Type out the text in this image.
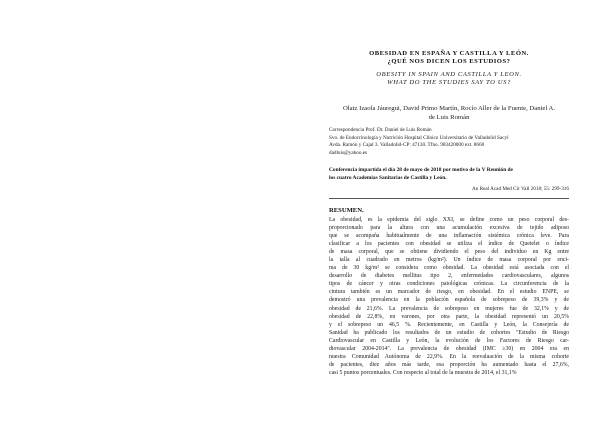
OBESIDAD EN ESPAÑA Y CASTILLA Y LEÓN.
¿QUÉ NOS DICEN LOS ESTUDIOS?
OBESITY IN SPAIN AND CASTILLA Y LEON.
WHAT DO THE STUDIES SAY TO US?
Olatz Izaola Jáuregui, David Primo Martín, Rocío Aller de la Fuente, Daniel A.
de Luis Román
Correspondencia Prof. Dr. Daniel de Luis Román
Svo. de Endocrinología y Nutrición Hospital Clínico Universitario de Valladolid Sacyl
Avda. Ramón y Cajal 3. Valladolid-CP: 47130. Tfno. 983420000 ext. 8660
dadluis@yahoo.es
Conferencia impartida el día 28 de mayo de 2018 por motivo de la V Reunión de
los cuatro Academias Sanitarias de Castilla y León.
An Real Acad Med Cir Vall 2018; 55: 299-316
RESUMEN.
La obesidad, es la epidemia del siglo XXI, se define como un peso corporal des-
proporcionado para la altura con una acumulación excesiva de tejido adiposo
que se acompaña habitualmente de una inflamación sistémica crónica leve. Para
clasificar a los pacientes con obesidad se utiliza el índice de Quetelet o índice
de masa corporal, que se obtiene dividiendo el peso del individuo en Kg entre
la talla al cuadrado en metros (kg/m²). Un índice de masa corporal por enci-
ma de 30 kg/m² se considera como obesidad. La obesidad está asociada con el
desarrollo de diabetes mellitus tipo 2, enfermedades cardiovasculares, algunos
tipos de cáncer y otras condiciones patológicas crónicas. La circunferencia de la
cintura también es un marcador de riesgo, en obesidad. En el estudio ENPE, se
demostró una prevalencia en la población española de sobrepeso de 39,3% y de
obesidad de 21,6%. La prevalencia de sobrepeso en mujeres fue de 32,1% y de
obesidad de 22,8%, en varones, por otra parte, la obesidad representó un 20,5%
y el sobrepeso un 46,5 %. Recientemente, en Castilla y León, la Consejería de
Sanidad ha publicado los resultados de un estudio de cohortes "Estudio de Riesgo
Cardiovascular en Castilla y León, la evolución de los Factores de Riesgo car-
diovascular 2004-2014". La prevalencia de obesidad (IMC ≥30) en 2004 era en
nuestra Comunidad Autónoma de 22,9%. En la reevaluación de la misma cohorte
de pacientes, diez años más tarde, esa proporción ha aumentado hasta el 27,6%,
casi 5 puntos porcentuales. Con respecto al total de la muestra de 2014, el 31,1%
